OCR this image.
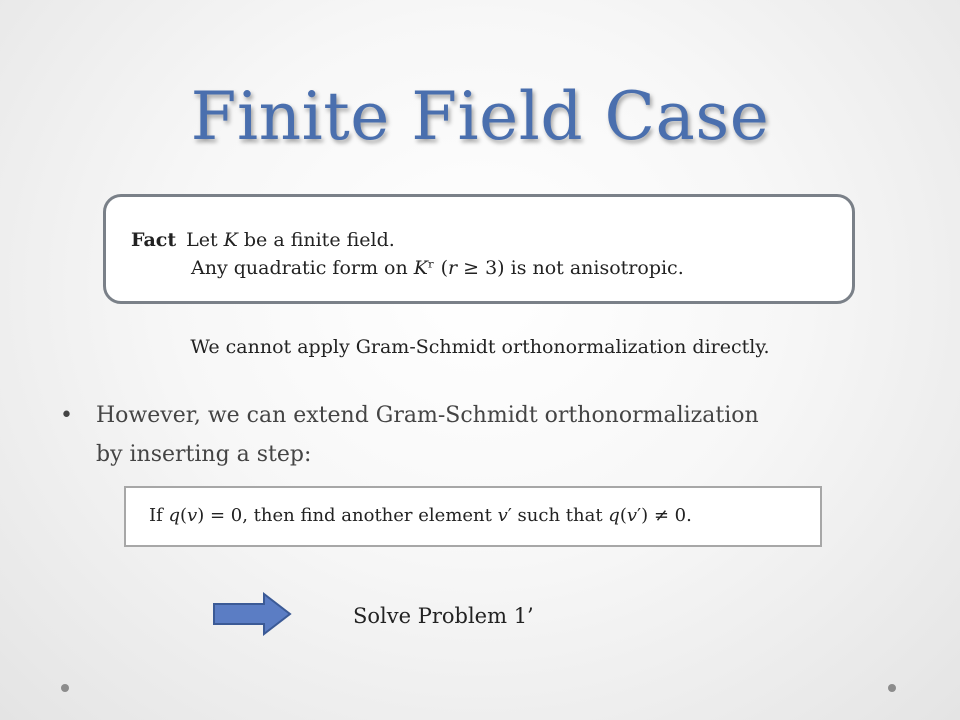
Finite Field Case
Fact Let 𝐾 be a finite field.
Any quadratic form on 𝐾ʳ (𝑟 ≥ 3) is not anisotropic.
We cannot apply Gram-Schmidt orthonormalization directly.
• However, we can extend Gram-Schmidt orthonormalization
by inserting a step:
If 𝑞(𝑣) = 0, then find another element 𝑣′ such that 𝑞(𝑣′) ≠ 0.
Solve Problem 1’
